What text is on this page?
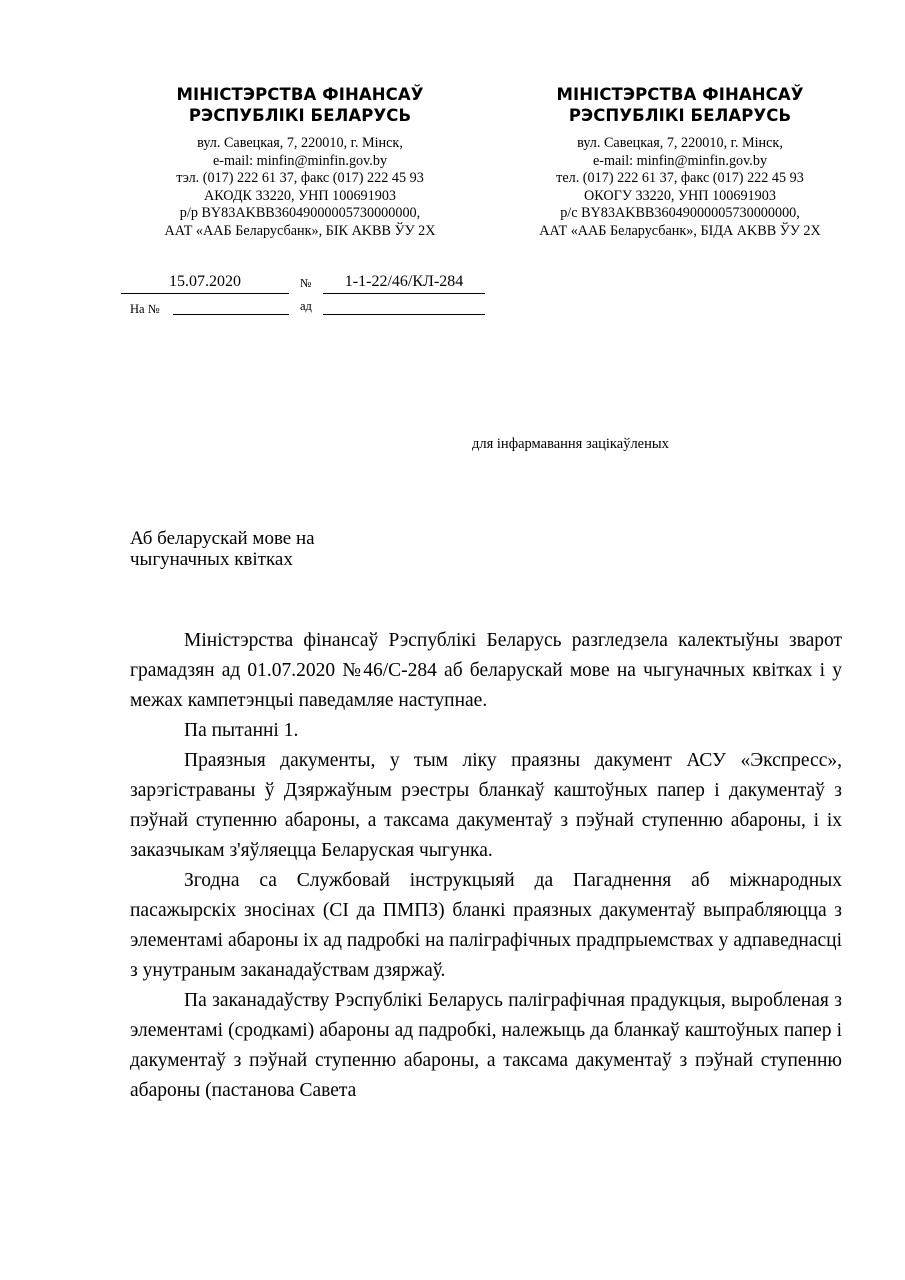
МІНІСТЭРСТВА ФІНАНСАЎ
РЭСПУБЛІКІ БЕЛАРУСЬ
вул. Савецкая, 7, 220010, г. Мінск,
e-mail: minfin@minfin.gov.by
тэл. (017) 222 61 37, факс (017) 222 45 93
АКОДК 33220, УНП 100691903
р/р BY83AKBB36049000005730000000,
ААТ «ААБ Беларусбанк», БІК AKBB ЎУ 2Х
МІНІСТЭРСТВА ФІНАНСАЎ
РЭСПУБЛІКІ БЕЛАРУСЬ
вул. Савецкая, 7, 220010, г. Мінск,
e-mail: minfin@minfin.gov.by
тел. (017) 222 61 37, факс (017) 222 45 93
ОКОГУ 33220, УНП 100691903
р/с BY83AKBB36049000005730000000,
ААТ «ААБ Беларусбанк», БІДА AKBB ЎУ 2Х
15.07.2020	№	1-1-22/46/КЛ-284
На №	ад
для інфармавання зацікаўленых
Аб беларускай мове на
чыгуначных квітках

Міністэрства фінансаў Рэспублікі Беларусь разгледзела калектыўны зварот грамадзян ад 01.07.2020 №46/С-284 аб беларускай мове на чыгуначных квітках і у межах кампетэнцыі паведамляе наступнае.

Па пытанні 1.

Праязныя дакументы, у тым ліку праязны дакумент АСУ «Экспресс», зарэгістраваны ў Дзяржаўным рэестры бланкаў каштоўных папер і дакументаў з пэўнай ступенню абароны, а таксама дакументаў з пэўнай ступенню абароны, і іх заказчыкам з'яўляецца Беларуская чыгунка.

Згодна са Службовай інструкцыяй да Пагаднення аб міжнародных пасажырскіх зносінах (СІ да ПМПЗ) бланкі праязных дакументаў выпрабляюцца з элементамі абароны іх ад падробкі на паліграфічных прадпрыемствах у адпаведнасці з унутраным заканадаўствам дзяржаў.

Па заканадаўству Рэспублікі Беларусь паліграфічная прадукцыя, выробленая з элементамі (сродкамі) абароны ад падробкі, належыць да бланкаў каштоўных папер і дакументаў з пэўнай ступенню абароны, а таксама дакументаў з пэўнай ступенню абароны (пастанова Савета
